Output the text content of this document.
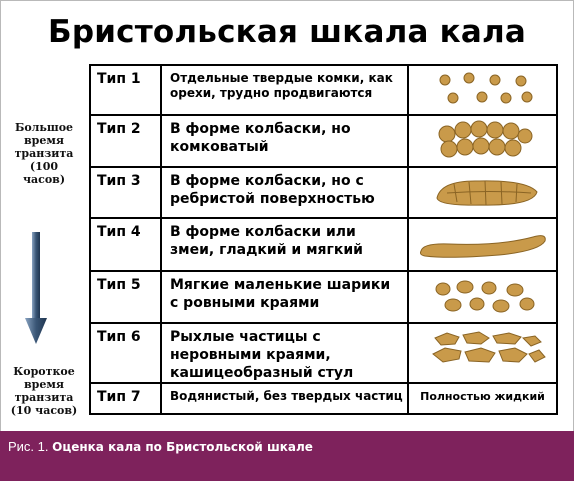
Бристольская шкала кала
Большое
время
транзита
(100 часов)
Короткое
время
транзита
(10 часов)
Тип 1	Отдельные твердые комки, как орехи, трудно продвигаются	

Тип 2	В форме колбаски, но комковатый	

Тип 3	В форме колбаски, но с ребристой поверхностью	

Тип 4	В форме колбаски или змеи, гладкий и мягкий	

Тип 5	Мягкие маленькие шарики с ровными краями	

Тип 6	Рыхлые частицы с неровными краями, кашицеобразный стул	

Тип 7	Водянистый, без твердых частиц	Полностью жидкий
Рис. 1. Оценка кала по Бристольской шкале
